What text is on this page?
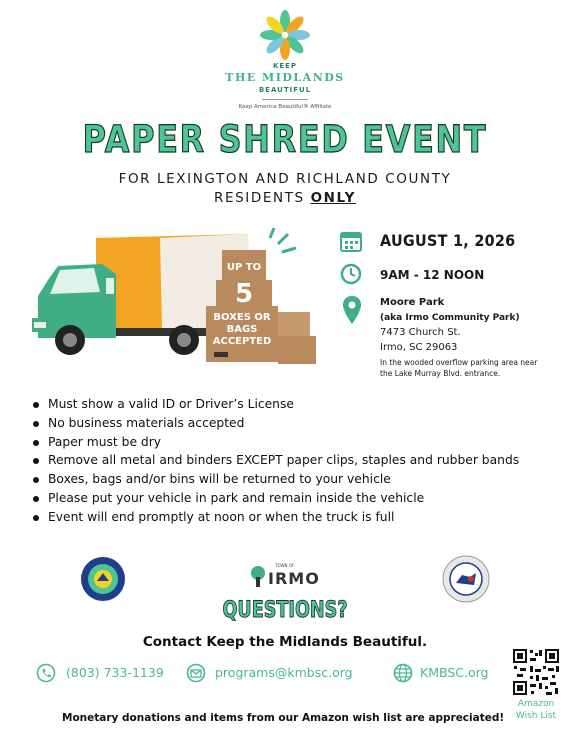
KEEP
THE MIDLANDS
BEAUTIFUL
Keep America Beautiful® Affiliate
PAPER SHRED EVENT
FOR LEXINGTON AND RICHLAND COUNTY
RESIDENTS ONLY
UP TO
5
BOXES OR
BAGS
ACCEPTED
AUGUST 1, 2026
9AM - 12 NOON
Moore Park
(aka Irmo Community Park)
7473 Church St.
Irmo, SC 29063
In the wooded overflow parking area near the Lake Murray Blvd. entrance.
Must show a valid ID or Driver’s License
No business materials accepted
Paper must be dry
Remove all metal and binders EXCEPT paper clips, staples and rubber bands
Boxes, bags and/or bins will be returned to your vehicle
Please put your vehicle in park and remain inside the vehicle
Event will end promptly at noon or when the truck is full
TOWN OF
IRMO
QUESTIONS?
Contact Keep the Midlands Beautiful.
(803) 733-1139	programs@kmbsc.org	KMBSC.org
Amazon
Wish List
Monetary donations and items from our Amazon wish list are appreciated!
